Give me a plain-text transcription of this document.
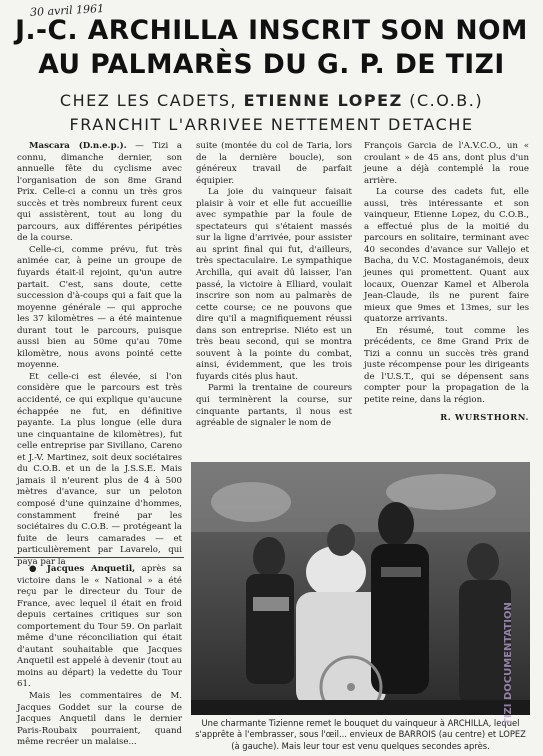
30 avril 1961
J.-C. ARCHILLA INSCRIT SON NOM
AU PALMARÈS DU G. P. DE TIZI
CHEZ LES CADETS, ETIENNE LOPEZ (C.O.B.)
FRANCHIT L'ARRIVEE NETTEMENT DETACHE

Mascara (D.n.e.p.). — Tizi a connu, dimanche dernier, son annuelle fête du cyclisme avec l'organisation de son 8me Grand Prix. Celle-ci a connu un très gros succès et très nombreux furent ceux qui assistèrent, tout au long du parcours, aux différentes péripéties de la course.

Celle-ci, comme prévu, fut très animée car, à peine un groupe de fuyards était-il rejoint, qu'un autre partait. C'est, sans doute, cette succession d'à-coups qui a fait que la moyenne générale — qui approche les 37 kilomètres — a été maintenue durant tout le parcours, puisque aussi bien au 50me qu'au 70me kilomètre, nous avons pointé cette moyenne.

Et celle-ci est élevée, si l'on considère que le parcours est très accidenté, ce qui explique qu'aucune échappée ne fut, en définitive payante. La plus longue (elle dura une cinquantaine de kilomètres), fut celle entreprise par Sivillano, Careno et J.-V. Martinez, soit deux sociétaires du C.O.B. et un de la J.S.S.E. Mais jamais il n'eurent plus de 4 à 500 mètres d'avance, sur un peloton composé d'une quinzaine d'hommes, constamment freiné par les sociétaires du C.O.B. — protégeant la fuite de leurs camarades — et particulièrement par Lavarelo, qui paya par la

● Jacques Anquetil, après sa victoire dans le « National » a été reçu par le directeur du Tour de France, avec lequel il était en froid depuis certaines critiques sur son comportement du Tour 59. On parlait même d'une réconciliation qui était d'autant souhaitable que Jacques Anquetil est appelé à devenir (tout au moins au départ) la vedette du Tour 61.

Mais les commentaires de M. Jacques Goddet sur la course de Jacques Anquetil dans le dernier Paris-Roubaix pourraient, quand même recréer un malaise...

suite (montée du col de Taria, lors de la dernière boucle), son généreux travail de parfait équipier.

La joie du vainqueur faisait plaisir à voir et elle fut accueillie avec sympathie par la foule de spectateurs qui s'étaient massés sur la ligne d'arrivée, pour assister au sprint final qui fut, d'ailleurs, très spectaculaire. Le sympathique Archilla, qui avait dû laisser, l'an passé, la victoire à Elliard, voulait inscrire son nom au palmarès de cette course; ce ne pouvons que dire qu'il a magnifiquement réussi dans son entreprise. Niéto est un très beau second, qui se montra souvent à la pointe du combat, ainsi, évidemment, que les trois fuyards cités plus haut.

Parmi la trentaine de coureurs qui terminèrent la course, sur cinquante partants, il nous est agréable de signaler le nom de

François Garcia de l'A.V.C.O., un « croulant » de 45 ans, dont plus d'un jeune a déjà contemplé la roue arrière.

La course des cadets fut, elle aussi, très intéressante et son vainqueur, Etienne Lopez, du C.O.B., a effectué plus de la moitié du parcours en solitaire, terminant avec 40 secondes d'avance sur Vallejo et Bacha, du V.C. Mostaganémois, deux jeunes qui promettent. Quant aux locaux, Ouenzar Kamel et Alberola Jean-Claude, ils ne purent faire mieux que 9mes et 13mes, sur les quatorze arrivants.

En résumé, tout comme les précédents, ce 8me Grand Prix de Tizi a connu un succès très grand juste récompense pour les dirigeants de l'U.S.T., qui se dépensent sans compter pour la propagation de la petite reine, dans la région.

R. WURSTHORN.

Une charmante Tizienne remet le bouquet du vainqueur à ARCHILLA, lequel s'apprête à l'embrasser, sous l'œil... envieux de BARROIS (au centre) et LOPEZ (à gauche). Mais leur tour est venu quelques secondes après.
TIZI DOCUMENTATION
